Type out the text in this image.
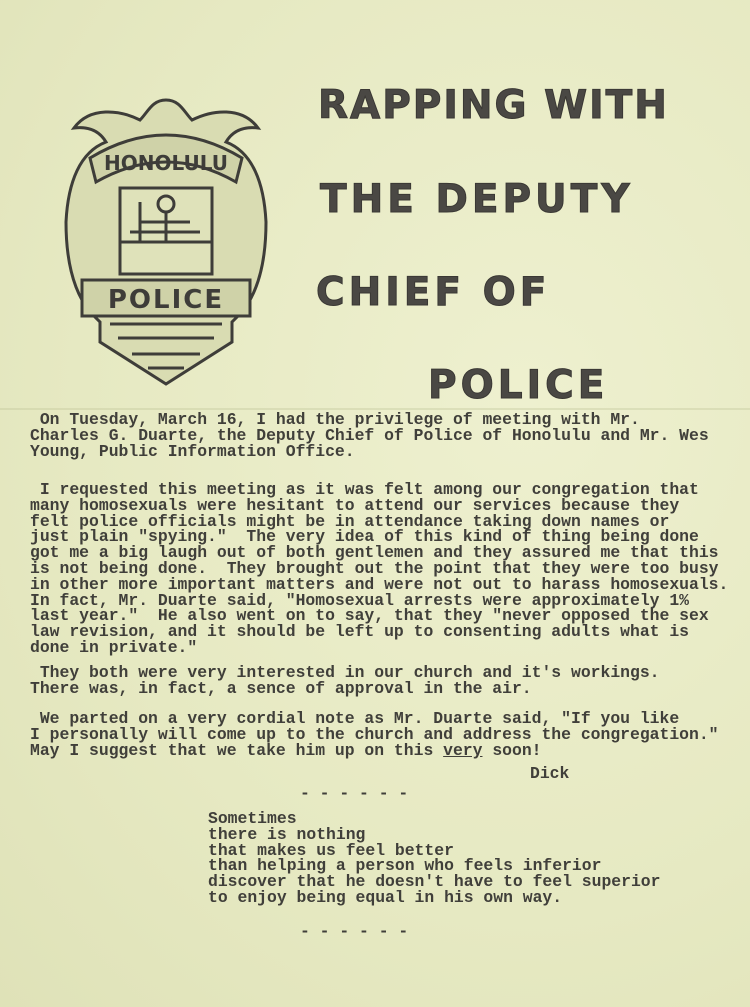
HONOLULU
POLICE
RAPPING WITH
THE DEPUTY
CHIEF OF
POLICE
On Tuesday, March 16, I had the privilege of meeting with Mr.
Charles G. Duarte, the Deputy Chief of Police of Honolulu and Mr. Wes
Young, Public Information Office.
I requested this meeting as it was felt among our congregation that
many homosexuals were hesitant to attend our services because they
felt police officials might be in attendance taking down names or
just plain "spying."  The very idea of this kind of thing being done
got me a big laugh out of both gentlemen and they assured me that this
is not being done.  They brought out the point that they were too busy
in other more important matters and were not out to harass homosexuals.
In fact, Mr. Duarte said, "Homosexual arrests were approximately 1%
last year."  He also went on to say, that they "never opposed the sex
law revision, and it should be left up to consenting adults what is
done in private."
They both were very interested in our church and it's workings.
There was, in fact, a sence of approval in the air.
We parted on a very cordial note as Mr. Duarte said, "If you like
I personally will come up to the church and address the congregation."
May I suggest that we take him up on this very soon!
Dick
- - - - - -
Sometimes
there is nothing
that makes us feel better
than helping a person who feels inferior
discover that he doesn't have to feel superior
to enjoy being equal in his own way.
- - - - - -
